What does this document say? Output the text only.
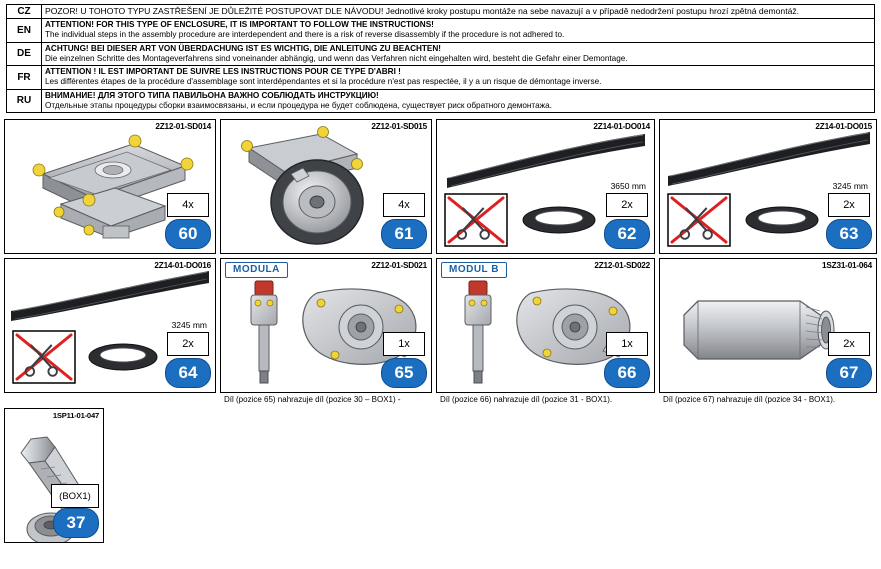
CZ	POZOR! U TOHOTO TYPU ZASTŘEŠENÍ JE DŮLEŽITÉ POSTUPOVAT DLE NÁVODU! Jednotlivé kroky postupu montáže na sebe navazují a v případě nedodržení postupu hrozí zpětná demontáž.
EN	ATTENTION! FOR THIS TYPE OF ENCLOSURE, IT IS IMPORTANT TO FOLLOW THE INSTRUCTIONS!
The individual steps in the assembly procedure are interdependent and there is a risk of reverse disassembly if the procedure is not adhered to.

DE	ACHTUNG! BEI DIESER ART VON ÜBERDACHUNG IST ES WICHTIG, DIE ANLEITUNG ZU BEACHTEN!
Die einzelnen Schritte des Montageverfahrens sind voneinander abhängig, und wenn das Verfahren nicht eingehalten wird, besteht die Gefahr einer Demontage.

FR	ATTENTION ! IL EST IMPORTANT DE SUIVRE LES INSTRUCTIONS POUR CE TYPE D'ABRI !
Les différentes étapes de la procédure d'assemblage sont interdépendantes et si la procédure n'est pas respectée, il y a un risque de démontage inverse.

RU	ВНИМАНИЕ! ДЛЯ ЭТОГО ТИПА ПАВИЛЬОНА ВАЖНО СОБЛЮДАТЬ ИНСТРУКЦИЮ!
Отдельные этапы процедуры сборки взаимосвязаны, и если процедура не будет соблюдена, существует риск обратного демонтажа.
2Z12-01-SD014
4x
60
2Z12-01-SD015
4x
61
2Z14-01-DO014
3650 mm
2x
62
2Z14-01-DO015
3245 mm
2x
63
2Z14-01-DO016
3245 mm
2x
64
2Z12-01-SD021
MODULA
1x
65
Díl (pozice 65) nahrazuje díl (pozice 30 – BOX1) -
2Z12-01-SD022
MODUL B
1x
66
Díl (pozice 66) nahrazuje díl (pozice 31 - BOX1).
1SZ31-01-064
2x
67
Díl (pozice 67) nahrazuje díl (pozice 34 - BOX1).
1SP11-01-047
(BOX1)
37
